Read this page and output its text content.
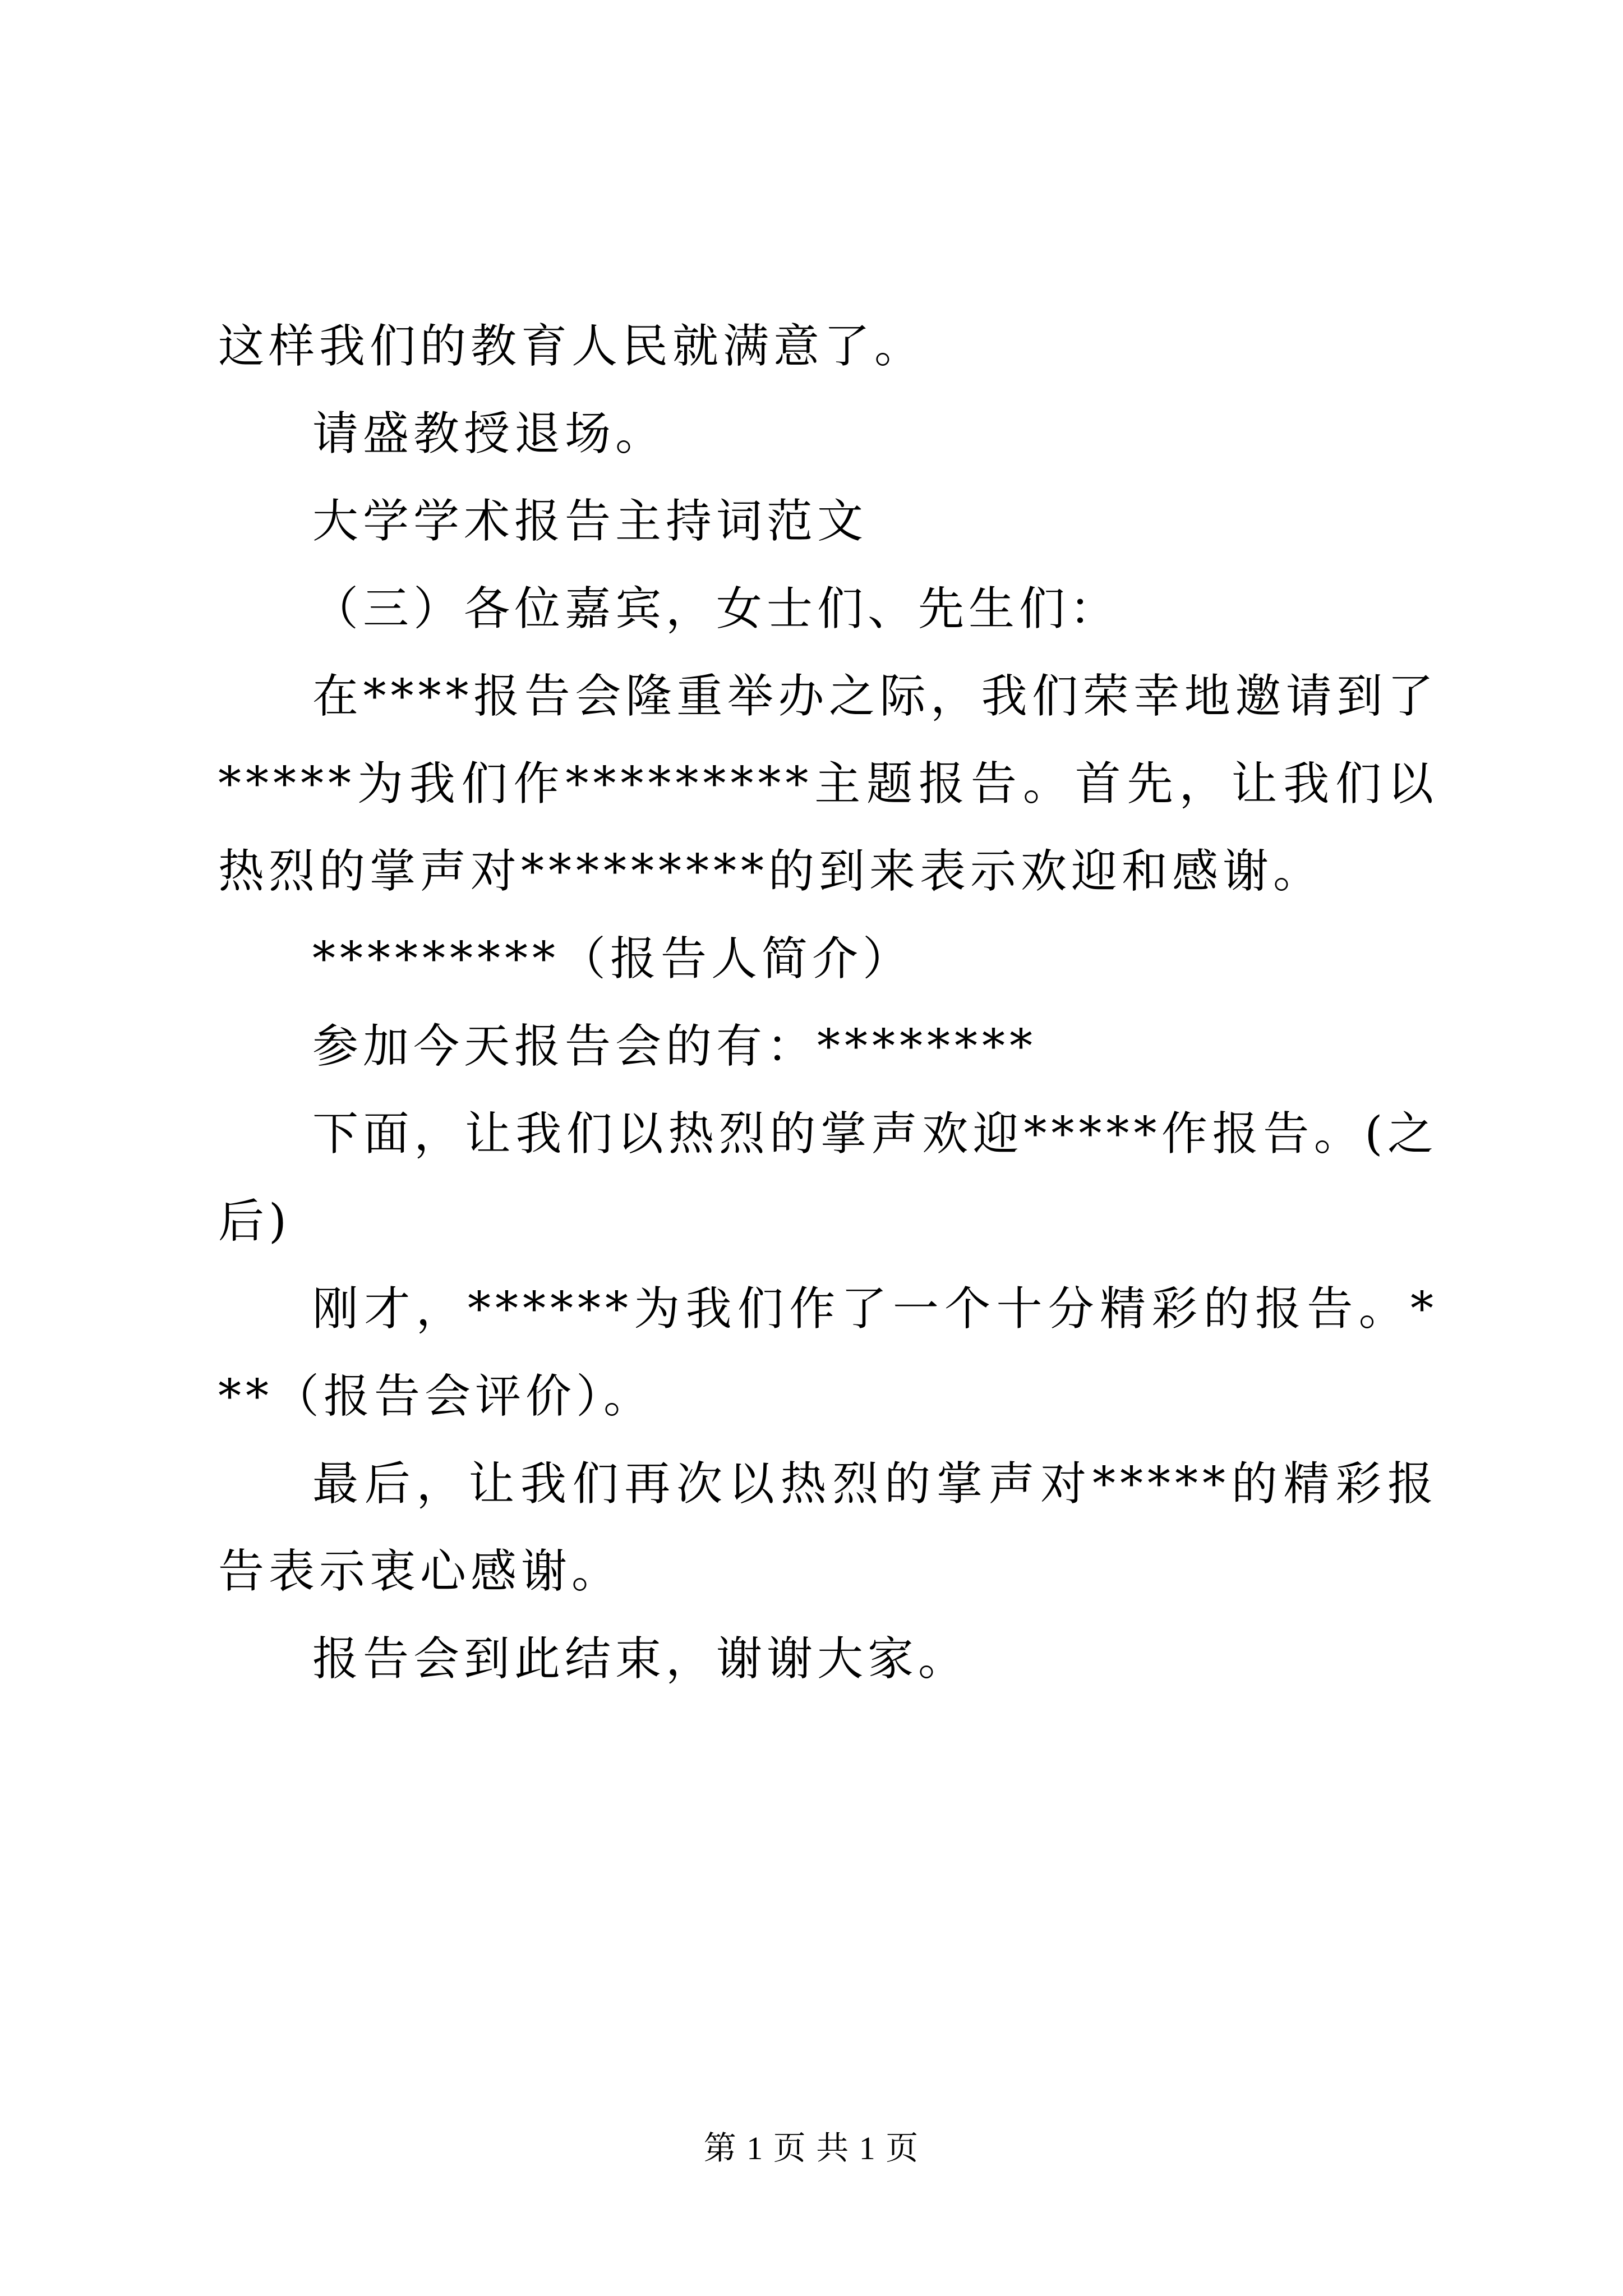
这样我们的教育人民就满意了。

请盛教授退场。

大学学术报告主持词范文

（三）各位嘉宾，女士们、先生们：

在****报告会隆重举办之际，我们荣幸地邀请到了*****为我们作*********主题报告。首先，让我们以热烈的掌声对*********的到来表示欢迎和感谢。

*********（报告人简介）

参加今天报告会的有：********

下面，让我们以热烈的掌声欢迎*****作报告。(之后)

刚才，******为我们作了一个十分精彩的报告。***（报告会评价）。

最后，让我们再次以热烈的掌声对*****的精彩报告表示衷心感谢。

报告会到此结束，谢谢大家。

第 1 页 共 1 页
